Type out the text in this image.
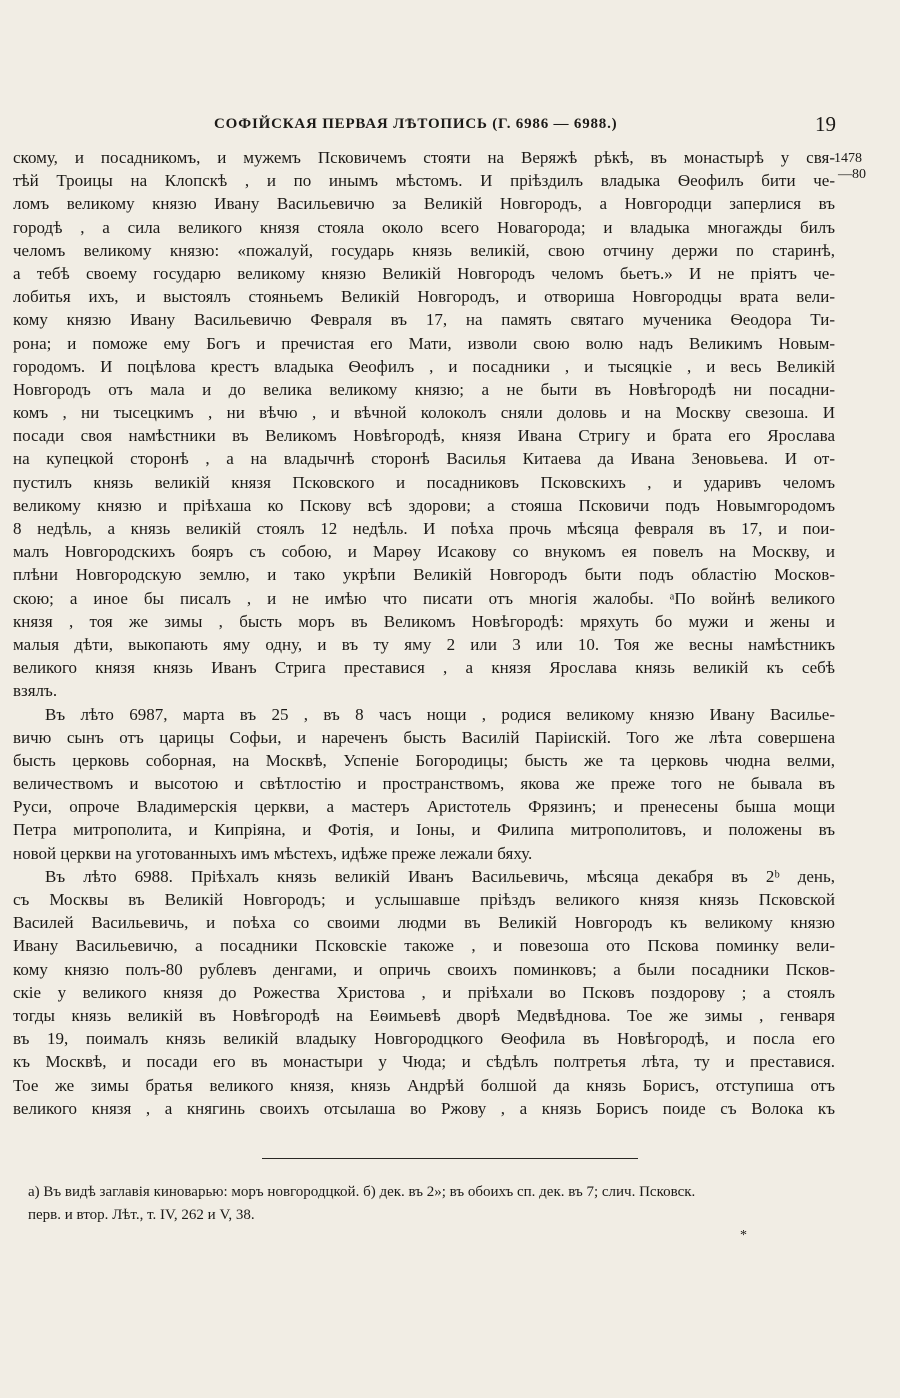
СОФІЙСКАЯ ПЕРВАЯ ЛѢТОПИСЬ (Г. 6986 — 6988.)	19
1478
—80
скому, и посадникомъ, и мужемъ Псковичемъ стояти на Веряжѣ рѣкѣ, въ монастырѣ у свя-
тѣй Троицы на Клопскѣ , и по инымъ мѣстомъ. И пріѣздилъ владыка Ѳеофилъ бити че-
ломъ великому князю Ивану Васильевичю за Великій Новгородъ, а Новгородци заперлися въ
городѣ , а сила великого князя стояла около всего Новагорода; и владыка многажды билъ
челомъ великому князю: «пожалуй, государь князь великій, свою отчину держи по старинѣ,
а тебѣ своему государю великому князю Великій Новгородъ челомъ бьетъ.» И не пріятъ че-
лобитья ихъ, и выстоялъ стояньемъ Великій Новгородъ, и отвориша Новгородцы врата вели-
кому князю Ивану Васильевичю Февраля въ 17, на память святаго мученика Ѳеодора Ти-
рона; и поможе ему Богъ и пречистая его Мати, изволи свою волю надъ Великимъ Новым-
городомъ. И поцѣлова крестъ владыка Ѳеофилъ , и посадники , и тысяцкіе , и весь Великій
Новгородъ отъ мала и до велика великому князю; а не быти въ Новѣгородѣ ни посадни-
комъ , ни тысецкимъ , ни вѣчю , и вѣчной колоколъ сняли доловь и на Москву свезоша. И
посади своя намѣстники въ Великомъ Новѣгородѣ, князя Ивана Стригу и брата его Ярослава
на купецкой сторонѣ , а на владычнѣ сторонѣ Василья Китаева да Ивана Зеновьева. И от-
пустилъ князь великій князя Псковского и посадниковъ Псковскихъ , и ударивъ челомъ
великому князю и пріѣхаша ко Пскову всѣ здорови; а стояша Псковичи подъ Новымгородомъ
8 недѣль, а князь великій стоялъ 12 недѣль. И поѣха прочь мѣсяца февраля въ 17, и пои-
малъ Новгородскихъ бояръ съ собою, и Марѳу Исакову со внукомъ ея повелъ на Москву, и
плѣни Новгородскую землю, и тако укрѣпи Великій Новгородъ быти подъ областію Москов-
скою; а иное бы писалъ , и не имѣю что писати отъ многія жалобы. ᵃПо войнѣ великого
князя , тоя же зимы , бысть моръ въ Великомъ Новѣгородѣ: мряхуть бо мужи и жены и
малыя дѣти, выкопають яму одну, и въ ту яму 2 или 3 или 10. Тоя же весны намѣстникъ
великого князя князь Иванъ Стрига преставися , а князя Ярослава князь великій къ себѣ
взялъ.
Въ лѣто 6987, марта въ 25 , въ 8 часъ нощи , родися великому князю Ивану Василье-
вичю сынъ отъ царицы Софьи, и нареченъ бысть Василій Паріискій. Того же лѣта совершена
бысть церковь соборная, на Москвѣ, Успеніе Богородицы; бысть же та церковь чюдна велми,
величествомъ и высотою и свѣтлостію и пространствомъ, якова же преже того не бывала въ
Руси, опроче Владимерскія церкви, а мастеръ Аристотель Фрязинъ; и пренесены быша мощи
Петра митрополита, и Кипріяна, и Фотія, и Іоны, и Филипа митрополитовъ, и положены въ
новой церкви на уготованныхъ имъ мѣстехъ, идѣже преже лежали бяху.
Въ лѣто 6988. Пріѣхалъ князь великій Иванъ Васильевичь, мѣсяца декабря въ 2ᵇ день,
съ Москвы въ Великій Новгородъ; и услышавше пріѣздъ великого князя князь Псковской
Василей Васильевичь, и поѣха со своими людми въ Великій Новгородъ къ великому князю
Ивану Васильевичю, а посадники Псковскіе такоже , и повезоша ото Пскова поминку вели-
кому князю полъ-80 рублевъ денгами, и опричь своихъ поминковъ; а были посадники Псков-
скіе у великого князя до Рожества Христова , и пріѣхали во Псковъ поздорову ; а стоялъ
тогды князь великій въ Новѣгородѣ на Еѳимьевѣ дворѣ Медвѣднова. Тое же зимы , генваря
въ 19, поималъ князь великій владыку Новгородцкого Ѳеофила въ Новѣгородѣ, и посла его
къ Москвѣ, и посади его въ монастыри у Чюда; и сѣдѣлъ полтретья лѣта, ту и преставися.
Тое же зимы братья великого князя, князь Андрѣй болшой да князь Борисъ, отступиша отъ
великого князя , а княгинь своихъ отсылаша во Ржову , а князь Борисъ поиде съ Волока къ
а) Въ видѣ заглавія киноварью: моръ новгородцкой. б) дек. въ 2»; въ обоихъ сп. дек. въ 7; слич. Псковск.
перв. и втор. Лѣт., т. IV, 262 и V, 38.
*
